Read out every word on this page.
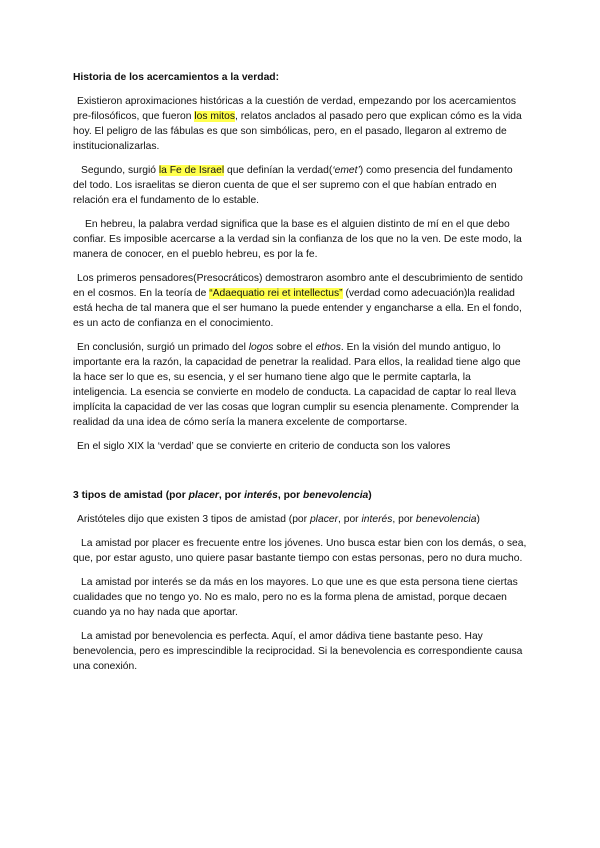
Historia de los acercamientos a la verdad:

Existieron aproximaciones históricas a la cuestión de verdad, empezando por los acercamientos pre-filosóficos, que fueron los mitos, relatos anclados al pasado pero que explican cómo es la vida hoy. El peligro de las fábulas es que son simbólicas, pero, en el pasado, llegaron al extremo de institucionalizarlas.

Segundo, surgió la Fe de Israel que definían la verdad(‘emet’) como presencia del fundamento del todo. Los israelitas se dieron cuenta de que el ser supremo con el que habían entrado en relación era el fundamento de lo estable.

En hebreu, la palabra verdad significa que la base es el alguien distinto de mí en el que debo confiar. Es imposible acercarse a la verdad sin la confianza de los que no la ven. De este modo, la manera de conocer, en el pueblo hebreu, es por la fe.

Los primeros pensadores(Presocráticos) demostraron asombro ante el descubrimiento de sentido en el cosmos. En la teoría de “Adaequatio rei et intellectus” (verdad como adecuación)la realidad está hecha de tal manera que el ser humano la puede entender y engancharse a ella. En el fondo, es un acto de confianza en el conocimiento.

En conclusión, surgió un primado del logos sobre el ethos. En la visión del mundo antiguo, lo importante era la razón, la capacidad de penetrar la realidad. Para ellos, la realidad tiene algo que la hace ser lo que es, su esencia, y el ser humano tiene algo que le permite captarla, la inteligencia. La esencia se convierte en modelo de conducta. La capacidad de captar lo real lleva implícita la capacidad de ver las cosas que logran cumplir su esencia plenamente. Comprender la realidad da una idea de cómo sería la manera excelente de comportarse.

En el siglo XIX la ‘verdad’ que se convierte en criterio de conducta son los valores

3 tipos de amistad (por placer, por interés, por benevolencia)

Aristóteles dijo que existen 3 tipos de amistad (por placer, por interés, por benevolencia)

La amistad por placer es frecuente entre los jóvenes. Uno busca estar bien con los demás, o sea, que, por estar agusto, uno quiere pasar bastante tiempo con estas personas, pero no dura mucho.

La amistad por interés se da más en los mayores. Lo que une es que esta persona tiene ciertas cualidades que no tengo yo. No es malo, pero no es la forma plena de amistad, porque decaen cuando ya no hay nada que aportar.

La amistad por benevolencia es perfecta. Aquí, el amor dádiva tiene bastante peso. Hay benevolencia, pero es imprescindible la reciprocidad. Si la benevolencia es correspondiente causa una conexión.
